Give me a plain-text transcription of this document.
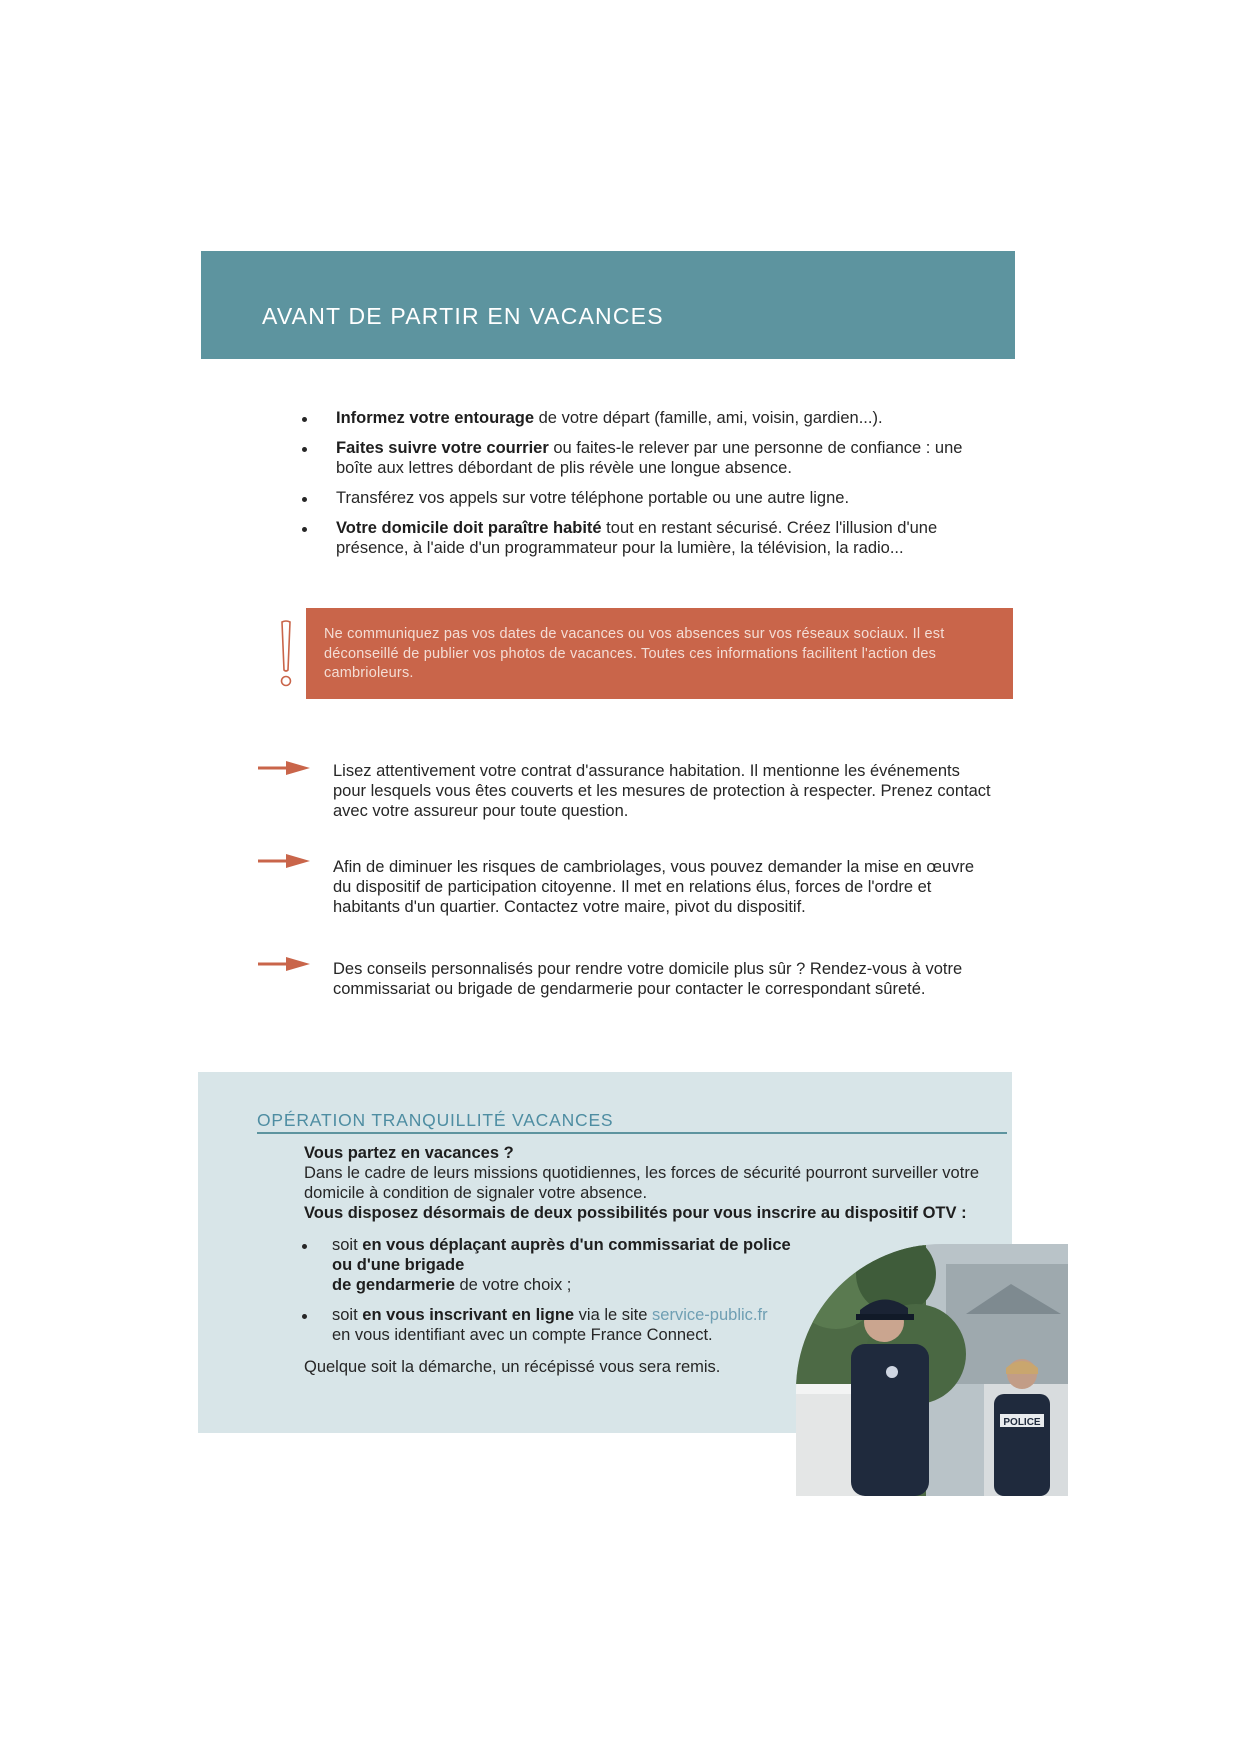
AVANT DE PARTIR EN VACANCES
Informez votre entourage de votre départ (famille, ami, voisin, gardien...).
Faites suivre votre courrier ou faites-le relever par une personne de confiance : une boîte aux lettres débordant de plis révèle une longue absence.
Transférez vos appels sur votre téléphone portable ou une autre ligne.
Votre domicile doit paraître habité tout en restant sécurisé. Créez l'illusion d'une présence, à l'aide d'un programmateur pour la lumière, la télévision, la radio...

Ne communiquez pas vos dates de vacances ou vos absences sur vos réseaux sociaux. Il est déconseillé de publier vos photos de vacances. Toutes ces informations facilitent l'action des cambrioleurs.

Lisez attentivement votre contrat d'assurance habitation. Il mentionne les événements pour lesquels vous êtes couverts et les mesures de protection à respecter. Prenez contact avec votre assureur pour toute question.

Afin de diminuer les risques de cambriolages, vous pouvez demander la mise en œuvre du dispositif de participation citoyenne. Il met en relations élus, forces de l'ordre et habitants d'un quartier. Contactez votre maire, pivot du dispositif.

Des conseils personnalisés pour rendre votre domicile plus sûr ? Rendez-vous à votre commissariat ou brigade de gendarmerie pour contacter le correspondant sûreté.

OPÉRATION TRANQUILLITÉ VACANCES

Vous partez en vacances ?

Dans le cadre de leurs missions quotidiennes, les forces de sécurité pourront surveiller votre domicile à condition de signaler votre absence.

Vous disposez désormais de deux possibilités pour vous inscrire au dispositif OTV :

soit en vous déplaçant auprès d'un commissariat de police
ou d'une brigade
de gendarmerie de votre choix ;
soit en vous inscrivant en ligne via le site service-public.fr
en vous identifiant avec un compte France Connect.

Quelque soit la démarche, un récépissé vous sera remis.

POLICE
